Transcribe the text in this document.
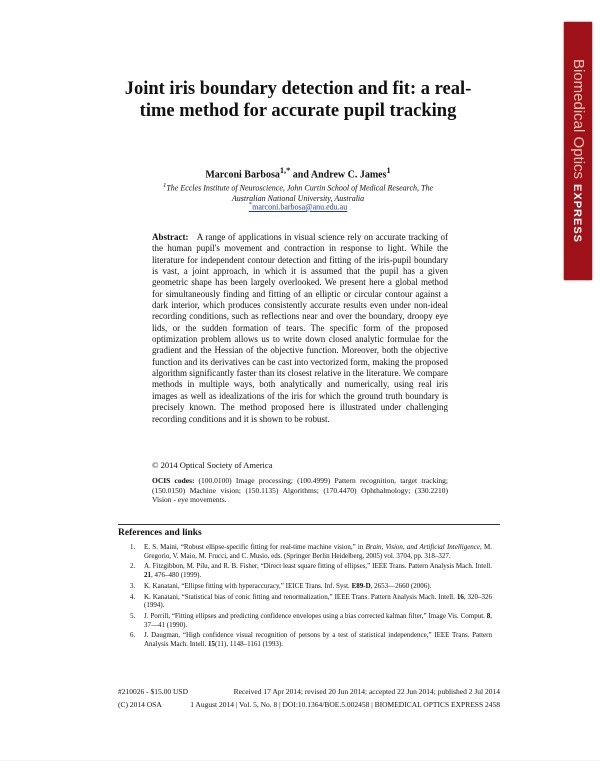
Biomedical OpticsEXPRESS
Joint iris boundary detection and fit: a real-time method for accurate pupil tracking
Marconi Barbosa$^{1,*}$ and Andrew C. James$^1$
$^1$The Eccles Institute of Neuroscience, John Curtin School of Medical Research, The Australian National University, Australia
*marconi.barbosa@anu.edu.au

Abstract: A range of applications in visual science rely on accurate tracking of the human pupil's movement and contraction in response to light. While the literature for independent contour detection and fitting of the iris-pupil boundary is vast, a joint approach, in which it is assumed that the pupil has a given geometric shape has been largely overlooked. We present here a global method for simultaneously finding and fitting of an elliptic or circular contour against a dark interior, which produces consistently accurate results even under non-ideal recording conditions, such as reflections near and over the boundary, droopy eye lids, or the sudden formation of tears. The specific form of the proposed optimization problem allows us to write down closed analytic formulae for the gradient and the Hessian of the objective function. Moreover, both the objective function and its derivatives can be cast into vectorized form, making the proposed algorithm significantly faster than its closest relative in the literature. We compare methods in multiple ways, both analytically and numerically, using real iris images as well as idealizations of the iris for which the ground truth boundary is precisely known. The method proposed here is illustrated under challenging recording conditions and it is shown to be robust.

© 2014 Optical Society of America

OCIS codes: (100.0100) Image processing; (100.4999) Pattern recognition, target tracking; (150.0150) Machine vision; (150.1135) Algorithms; (170.4470) Ophthalmology; (330.2210) Vision - eye movements.

References and links
1. E. S. Maini, “Robust ellipse-specific fitting for real-time machine vision,” in Brain, Vision, and Artificial Intelligence, M. Gregorio, V. Maio, M. Frucci, and C. Musio, eds. (Springer Berlin Heidelberg, 2005) vol. 3704, pp. 318–327.
2. A. Fitzgibbon, M. Pilu, and R. B. Fisher, “Direct least square fitting of ellipses,” IEEE Trans. Pattern Analysis Mach. Intell. 21, 476–480 (1999).
3. K. Kanatani, “Ellipse fitting with hyperaccuracy,” IEICE Trans. Inf. Syst. E89-D, 2653—2660 (2006).
4. K. Kanatani, “Statistical bias of conic fitting and renormalization,” IEEE Trans. Pattern Analysis Mach. Intell. 16, 320–326 (1994).
5. J. Porrill, “Fitting ellipses and predicting confidence envelopes using a bias corrected kalman filter,” Image Vis. Comput. 8, 37—41 (1990).
6. J. Daugman, “High confidence visual recognition of persons by a test of statistical independence,” IEEE Trans. Pattern Analysis Mach. Intell. 15(11), 1148–1161 (1993).
#210026 - $15.00 USD	Received 17 Apr 2014; revised 20 Jun 2014; accepted 22 Jun 2014; published 2 Jul 2014
(C) 2014 OSA	1 August 2014 | Vol. 5, No. 8 | DOI:10.1364/BOE.5.002458 | BIOMEDICAL OPTICS EXPRESS 2458
